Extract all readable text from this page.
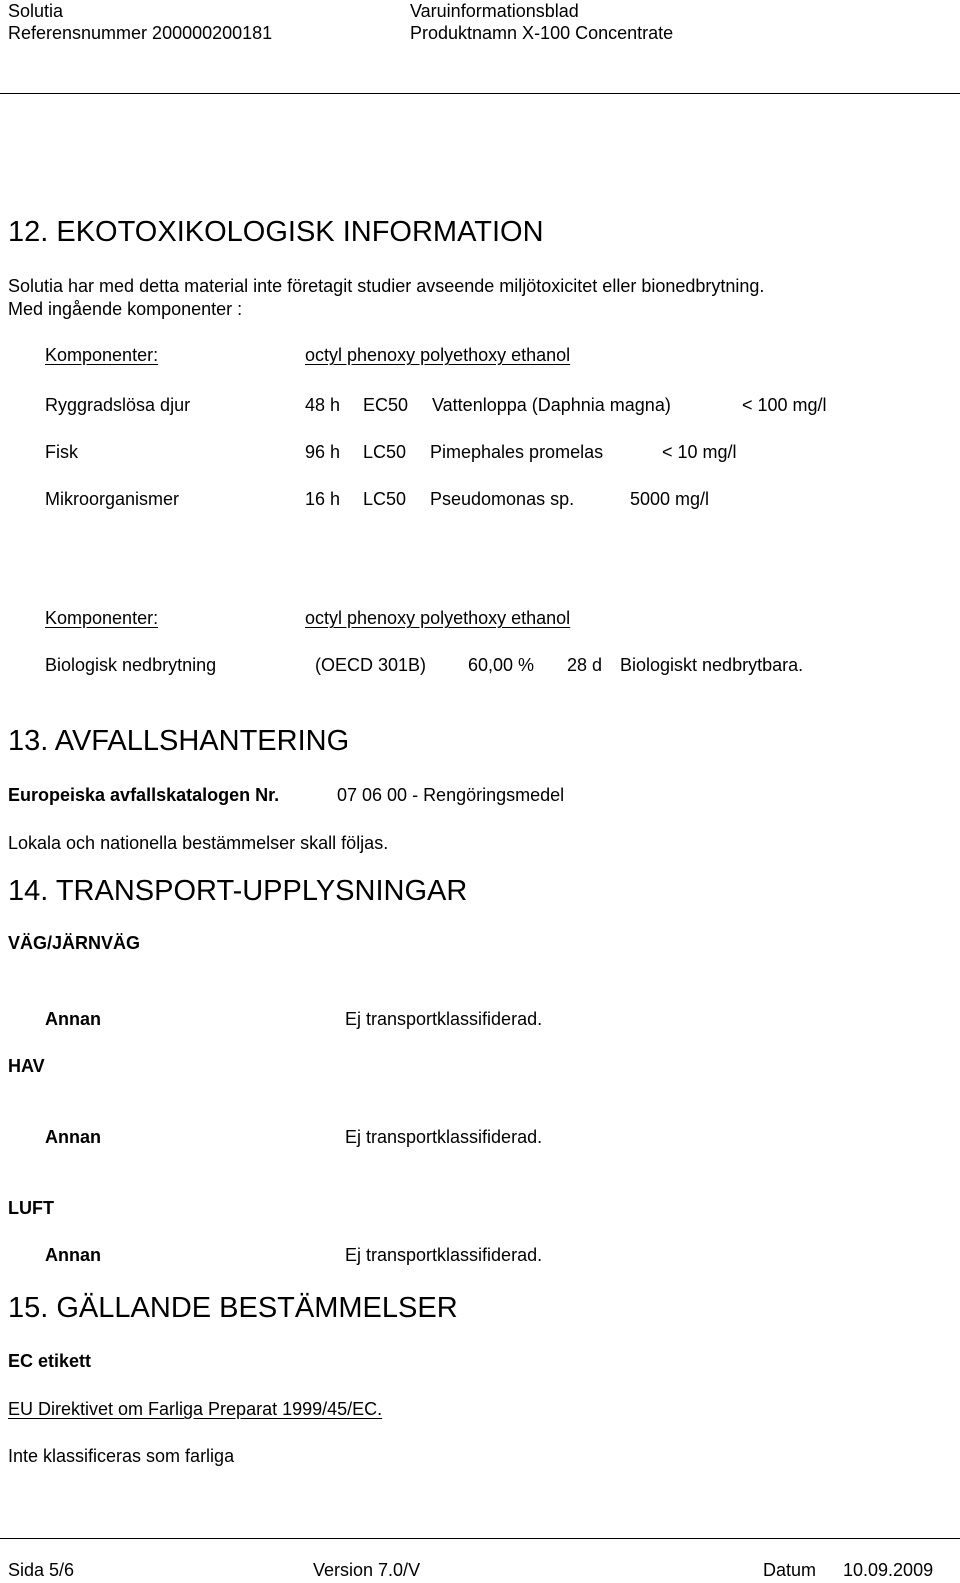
Solutia
Referensnummer 200000200181
Varuinformationsblad
Produktnamn X-100 Concentrate
12. EKOTOXIKOLOGISK INFORMATION
Solutia har med detta material inte företagit studier avseende miljötoxicitet eller bionedbrytning.
Med ingående komponenter :
Komponenter:	octyl phenoxy polyethoxy ethanol
Ryggradslösa djur	48 h EC50 Vattenloppa (Daphnia magna)	< 100 mg/l
Fisk	96 h LC50 Pimephales promelas	< 10 mg/l
Mikroorganismer	16 h LC50 Pseudomonas sp.	5000 mg/l
Komponenter:	octyl phenoxy polyethoxy ethanol
Biologisk nedbrytning	(OECD 301B) 60,00 % 28 d Biologiskt nedbrytbara.
13. AVFALLSHANTERING
Europeiska avfallskatalogen Nr.	07 06 00 - Rengöringsmedel
Lokala och nationella bestämmelser skall följas.
14. TRANSPORT-UPPLYSNINGAR
VÄG/JÄRNVÄG
Annan	Ej transportklassifiderad.
HAV
Annan	Ej transportklassifiderad.
LUFT
Annan	Ej transportklassifiderad.
15. GÄLLANDE BESTÄMMELSER
EC etikett
EU Direktivet om Farliga Preparat 1999/45/EC.
Inte klassificeras som farliga
Sida 5/6	Version 7.0/V	Datum 10.09.2009
